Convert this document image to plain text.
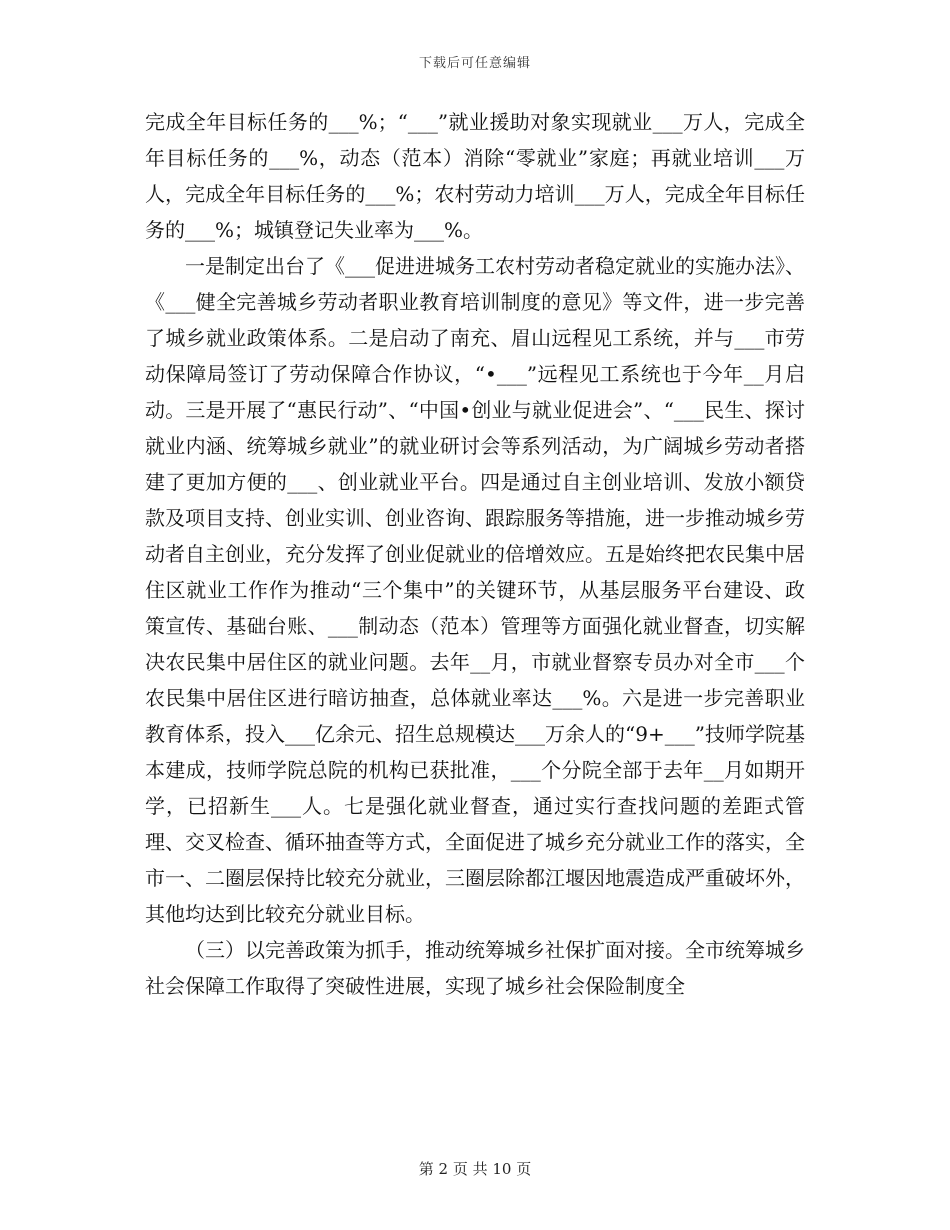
下载后可任意编辑

完成全年目标任务的___%；“___”就业援助对象实现就业___万人，完成全年目标任务的___%，动态（范本）消除“零就业”家庭；再就业培训___万人，完成全年目标任务的___%；农村劳动力培训___万人，完成全年目标任务的___%；城镇登记失业率为___%。

一是制定出台了《___促进进城务工农村劳动者稳定就业的实施办法》、《___健全完善城乡劳动者职业教育培训制度的意见》等文件，进一步完善了城乡就业政策体系。二是启动了南充、眉山远程见工系统，并与___市劳动保障局签订了劳动保障合作协议，“•___”远程见工系统也于今年__月启动。三是开展了“惠民行动”、“中国•创业与就业促进会”、“___民生、探讨就业内涵、统筹城乡就业”的就业研讨会等系列活动，为广阔城乡劳动者搭建了更加方便的___、创业就业平台。四是通过自主创业培训、发放小额贷款及项目支持、创业实训、创业咨询、跟踪服务等措施，进一步推动城乡劳动者自主创业，充分发挥了创业促就业的倍增效应。五是始终把农民集中居住区就业工作作为推动“三个集中”的关键环节，从基层服务平台建设、政策宣传、基础台账、___制动态（范本）管理等方面强化就业督查，切实解决农民集中居住区的就业问题。去年__月，市就业督察专员办对全市___个农民集中居住区进行暗访抽查，总体就业率达___%。六是进一步完善职业教育体系，投入___亿余元、招生总规模达___万余人的“9+___”技师学院基本建成，技师学院总院的机构已获批准，___个分院全部于去年__月如期开学，已招新生___人。七是强化就业督查，通过实行查找问题的差距式管理、交叉检查、循环抽查等方式，全面促进了城乡充分就业工作的落实，全市一、二圈层保持比较充分就业，三圈层除都江堰因地震造成严重破坏外，其他均达到比较充分就业目标。

（三）以完善政策为抓手，推动统筹城乡社保扩面对接。全市统筹城乡社会保障工作取得了突破性进展，实现了城乡社会保险制度全

第 2 页 共 10 页
